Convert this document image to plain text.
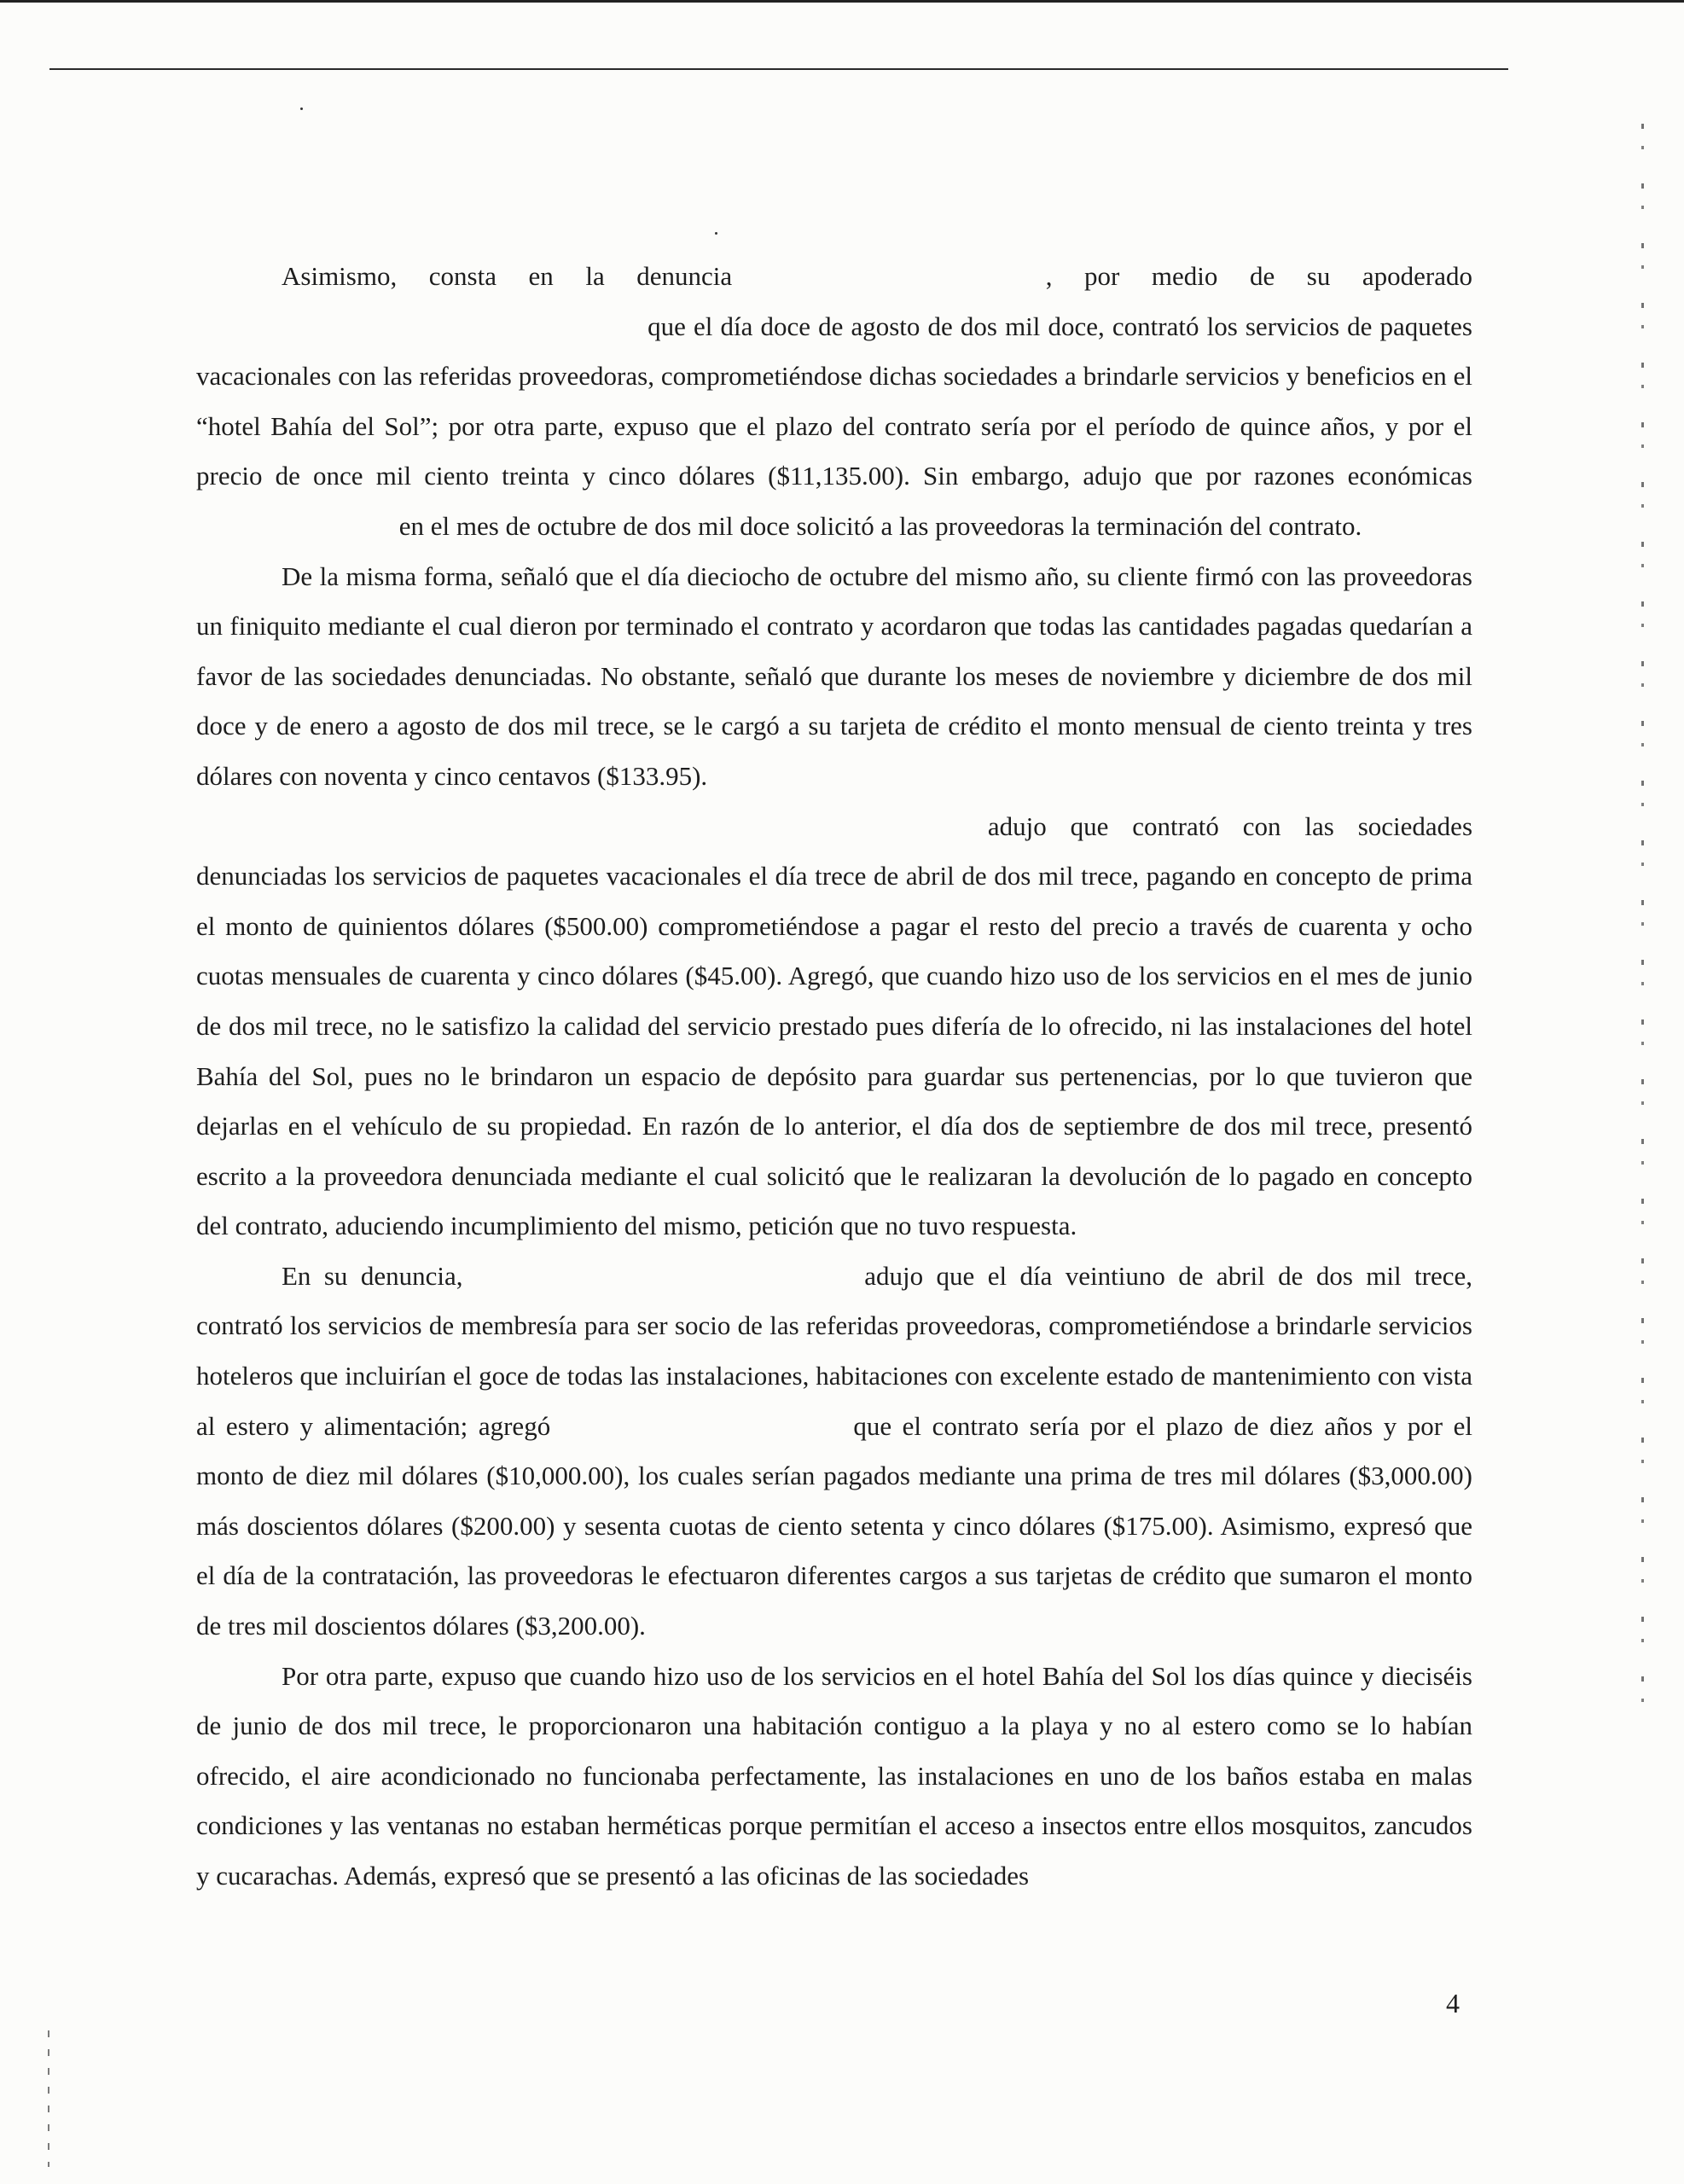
Asimismo, consta en la denuncia	, por medio de su apoderado  que el día doce de agosto de dos mil doce, contrató los servicios de paquetes vacacionales con las referidas proveedoras, comprometiéndose dichas sociedades a brindarle servicios y beneficios en el “hotel Bahía del Sol”; por otra parte, expuso que el plazo del contrato sería por el período de quince años, y por el precio de once mil ciento treinta y cinco dólares ($11,135.00). Sin embargo, adujo que por razones económicas  en el mes de octubre de dos mil doce solicitó a las proveedoras la terminación del contrato.

De la misma forma, señaló que el día dieciocho de octubre del mismo año, su cliente firmó con las proveedoras un finiquito mediante el cual dieron por terminado el contrato y acordaron que todas las cantidades pagadas quedarían a favor de las sociedades denunciadas. No obstante, señaló que durante los meses de noviembre y diciembre de dos mil doce y de enero a agosto de dos mil trece, se le cargó a su tarjeta de crédito el monto mensual de ciento treinta y tres dólares con noventa y cinco centavos ($133.95).

adujo que contrató con las sociedades denunciadas los servicios de paquetes vacacionales el día trece de abril de dos mil trece, pagando en concepto de prima el monto de quinientos dólares ($500.00) comprometiéndose a pagar el resto del precio a través de cuarenta y ocho cuotas mensuales de cuarenta y cinco dólares ($45.00). Agregó, que cuando hizo uso de los servicios en el mes de junio de dos mil trece, no le satisfizo la calidad del servicio prestado pues difería de lo ofrecido, ni las instalaciones del hotel Bahía del Sol, pues no le brindaron un espacio de depósito para guardar sus pertenencias, por lo que tuvieron que dejarlas en el vehículo de su propiedad. En razón de lo anterior, el día dos de septiembre de dos mil trece, presentó escrito a la proveedora denunciada mediante el cual solicitó que le realizaran la devolución de lo pagado en concepto del contrato, aduciendo incumplimiento del mismo, petición que no tuvo respuesta.

En su denuncia,	adujo que el día veintiuno de abril de dos mil trece, contrató los servicios de membresía para ser socio de las referidas proveedoras, comprometiéndose a brindarle servicios hoteleros que incluirían el goce de todas las instalaciones, habitaciones con excelente estado de mantenimiento con vista al estero y alimentación; agregó	que el contrato sería por el plazo de diez años y por el monto de diez mil dólares ($10,000.00), los cuales serían pagados mediante una prima de tres mil dólares ($3,000.00) más doscientos dólares ($200.00) y sesenta cuotas de ciento setenta y cinco dólares ($175.00). Asimismo, expresó que el día de la contratación, las proveedoras le efectuaron diferentes cargos a sus tarjetas de crédito que sumaron el monto de tres mil doscientos dólares ($3,200.00).

Por otra parte, expuso que cuando hizo uso de los servicios en el hotel Bahía del Sol los días quince y dieciséis de junio de dos mil trece, le proporcionaron una habitación contiguo a la playa y no al estero como se lo habían ofrecido, el aire acondicionado no funcionaba perfectamente, las instalaciones en uno de los baños estaba en malas condiciones y las ventanas no estaban herméticas porque permitían el acceso a insectos entre ellos mosquitos, zancudos y cucarachas. Además, expresó que se presentó a las oficinas de las sociedades

4
